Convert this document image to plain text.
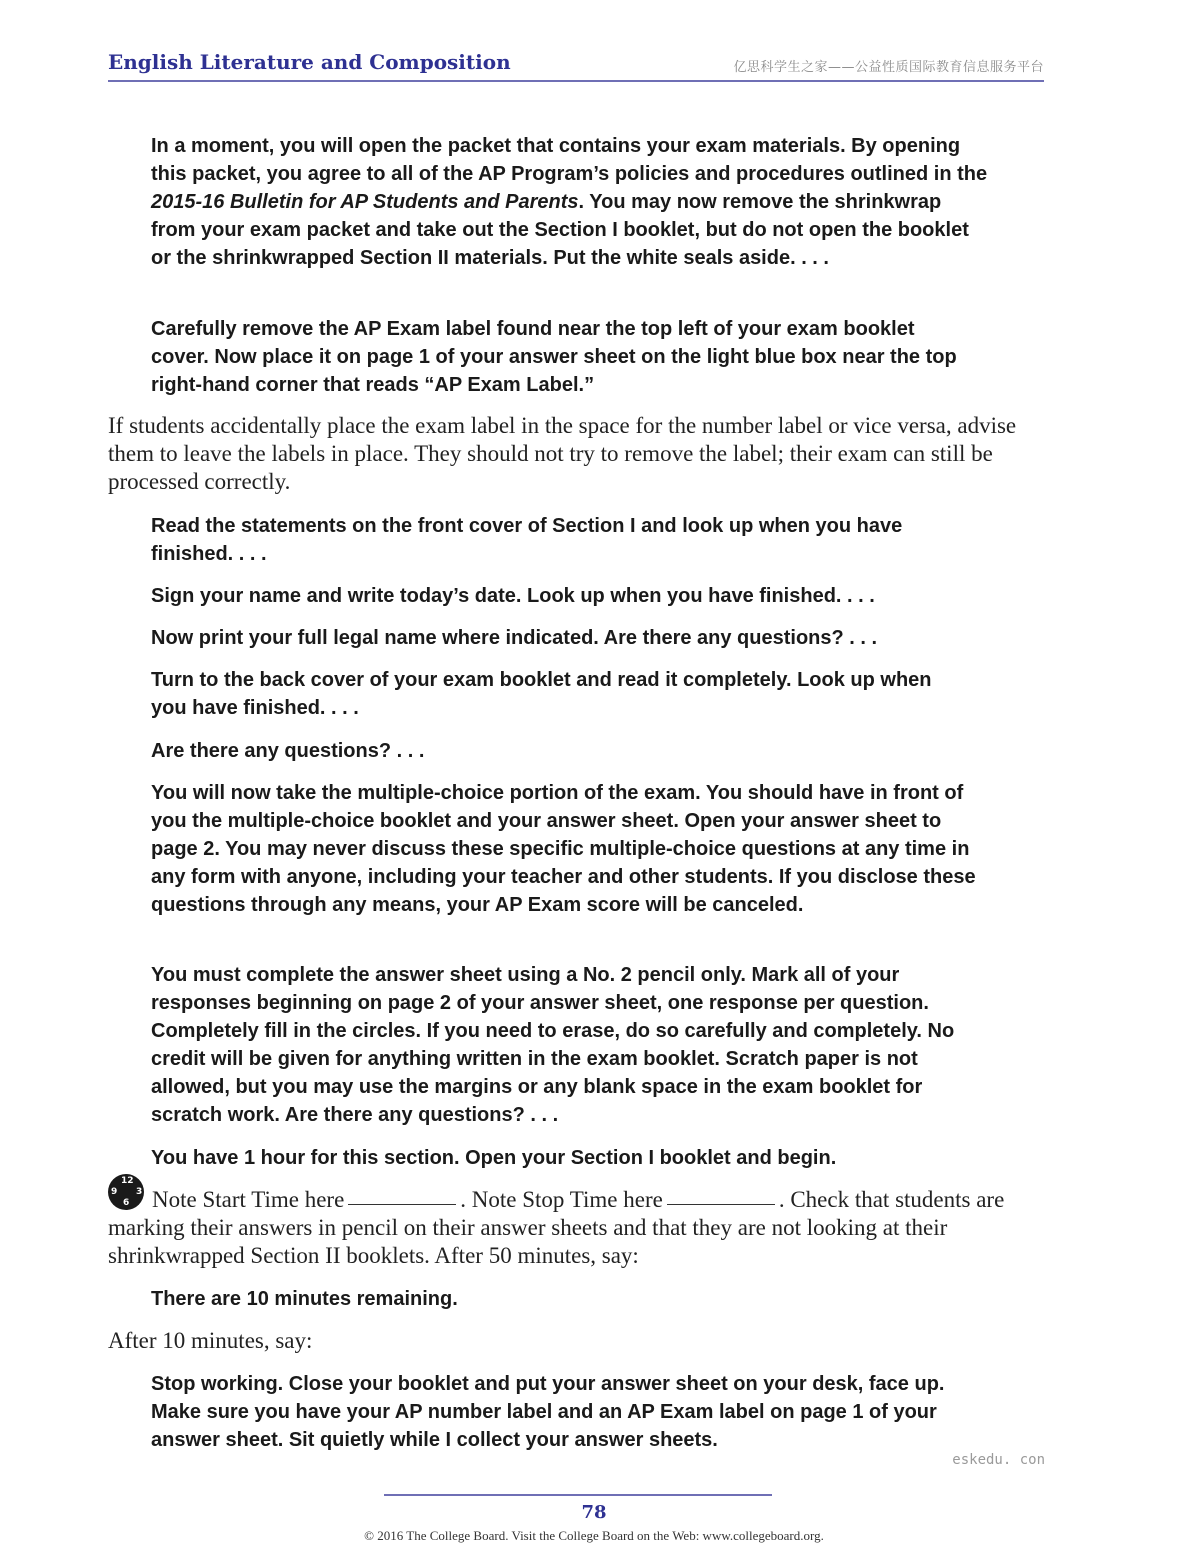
English Literature and Composition	亿思科学生之家——公益性质国际教育信息服务平台
In a moment, you will open the packet that contains your exam materials. By opening this packet, you agree to all of the AP Program’s policies and procedures outlined in the 2015-16 Bulletin for AP Students and Parents. You may now remove the shrinkwrap from your exam packet and take out the Section I booklet, but do not open the booklet or the shrinkwrapped Section II materials. Put the white seals aside. . . .
Carefully remove the AP Exam label found near the top left of your exam booklet cover. Now place it on page 1 of your answer sheet on the light blue box near the top right-hand corner that reads “AP Exam Label.”
If students accidentally place the exam label in the space for the number label or vice versa, advise them to leave the labels in place. They should not try to remove the label; their exam can still be processed correctly.
Read the statements on the front cover of Section I and look up when you have finished. . . .
Sign your name and write today’s date. Look up when you have finished. . . .
Now print your full legal name where indicated. Are there any questions? . . .
Turn to the back cover of your exam booklet and read it completely. Look up when you have finished. . . .
Are there any questions? . . .
You will now take the multiple-choice portion of the exam. You should have in front of you the multiple-choice booklet and your answer sheet. Open your answer sheet to page 2. You may never discuss these specific multiple-choice questions at any time in any form with anyone, including your teacher and other students. If you disclose these questions through any means, your AP Exam score will be canceled.
You must complete the answer sheet using a No. 2 pencil only. Mark all of your responses beginning on page 2 of your answer sheet, one response per question. Completely fill in the circles. If you need to erase, do so carefully and completely. No credit will be given for anything written in the exam booklet. Scratch paper is not allowed, but you may use the margins or any blank space in the exam booklet for scratch work. Are there any questions? . . .
You have 1 hour for this section. Open your Section I booklet and begin.
12
3
6
9	Note Start Time here	. Note Stop Time here	. Check that students are marking their answers in pencil on their answer sheets and that they are not looking at their shrinkwrapped Section II booklets. After 50 minutes, say:
There are 10 minutes remaining.
After 10 minutes, say:
Stop working. Close your booklet and put your answer sheet on your desk, face up. Make sure you have your AP number label and an AP Exam label on page 1 of your answer sheet. Sit quietly while I collect your answer sheets.
eskedu. con
78
© 2016 The College Board. Visit the College Board on the Web: www.collegeboard.org.
